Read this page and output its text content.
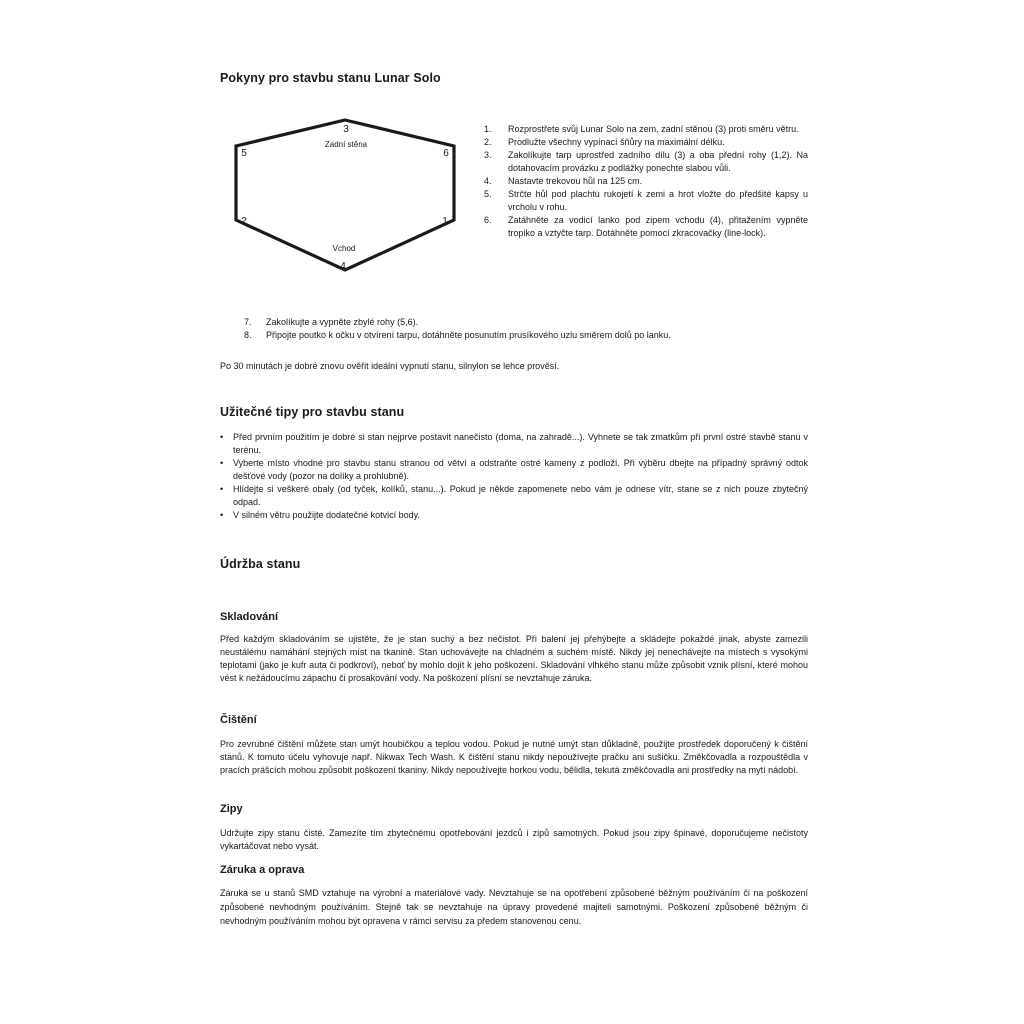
Pokyny pro stavbu stanu Lunar Solo
3
5	6
2	1
4
Zadní stěna
Vchod
1.	Rozprostřete svůj Lunar Solo na zem, zadní stěnou (3) proti směru větru.
2.	Prodlužte všechny vypínací šňůry na maximální délku.
3.	Zakolíkujte tarp uprostřed zadního dílu (3) a oba přední rohy (1,2). Na dotahovacím provázku z podlážky ponechte slabou vůli.
4.	Nastavte trekovou hůl na 125 cm.
5.	Strčte hůl pod plachtu rukojetí k zemi a hrot vložte do předšité kapsy u vrcholu v rohu.
6.	Zatáhněte za vodicí lanko pod zipem vchodu (4), přitažením vypněte tropiko a vztyčte tarp. Dotáhněte pomocí zkracovačky (line-lock).
7.	Zakolíkujte a vypněte zbylé rohy (5,6).
8.	Připojte poutko k očku v otvírení tarpu, dotáhněte posunutím prusíkového uzlu směrem dolů po lanku.
Po 30 minutách je dobré znovu ověřit ideální vypnutí stanu, silnylon se lehce prověsí.
Užitečné tipy pro stavbu stanu
•	Před prvním použitím je dobré si stan nejprve postavit nanečisto (doma, na zahradě...). Vyhnete se tak zmatkům při první ostré stavbě stanu v terénu.
•	Vyberte místo vhodné pro stavbu stanu stranou od větví a odstraňte ostré kameny z podloží. Při výběru dbejte na případný správný odtok dešťové vody (pozor na dolíky a prohlubně).
•	Hlídejte si veškeré obaly (od tyček, kolíků, stanu...). Pokud je někde zapomenete nebo vám je odnese vítr, stane se z nich pouze zbytečný odpad.
•	V silném větru použijte dodatečné kotvicí body.
Údržba stanu
Skladování
Před každým skladováním se ujistěte, že je stan suchý a bez nečistot. Při balení jej přehýbejte a skládejte pokaždé jinak, abyste zamezili neustálému namáhání stejných míst na tkanině. Stan uchovávejte na chladném a suchém místě. Nikdy jej nenechávejte na místech s vysokými teplotami (jako je kufr auta či podkroví), neboť by mohlo dojít k jeho poškození. Skladování vlhkého stanu může způsobit vznik plísní, které mohou vést k nežádoucímu zápachu či prosakování vody. Na poškození plísní se nevztahuje záruka.
Čištění
Pro zevrubné čištění můžete stan umýt houbičkou a teplou vodou. Pokud je nutné umýt stan důkladně, použijte prostředek doporučený k čištění stanů. K tomuto účelu vyhovuje např. Nikwax Tech Wash. K čištění stanu nikdy nepoužívejte pračku ani sušičku. Změkčovadla a rozpouštědla v pracích prášcích mohou způsobit poškození tkaniny. Nikdy nepoužívejte horkou vodu, bělidla, tekutá změkčovadla ani prostředky na mytí nádobí.
Zipy
Udržujte zipy stanu čisté. Zamezíte tím zbytečnému opotřebování jezdců i zipů samotných. Pokud jsou zipy špinavé, doporučujeme nečistoty vykartáčovat nebo vysát.
Záruka a oprava
Záruka se u stanů SMD vztahuje na výrobní a materiálové vady. Nevztahuje se na opotřebení způsobené běžným používáním či na poškození způsobené nevhodným používáním. Stejně tak se nevztahuje na úpravy provedené majiteli samotnými. Poškození způsobené běžným či nevhodným používáním mohou být opravena v rámci servisu za předem stanovenou cenu.
